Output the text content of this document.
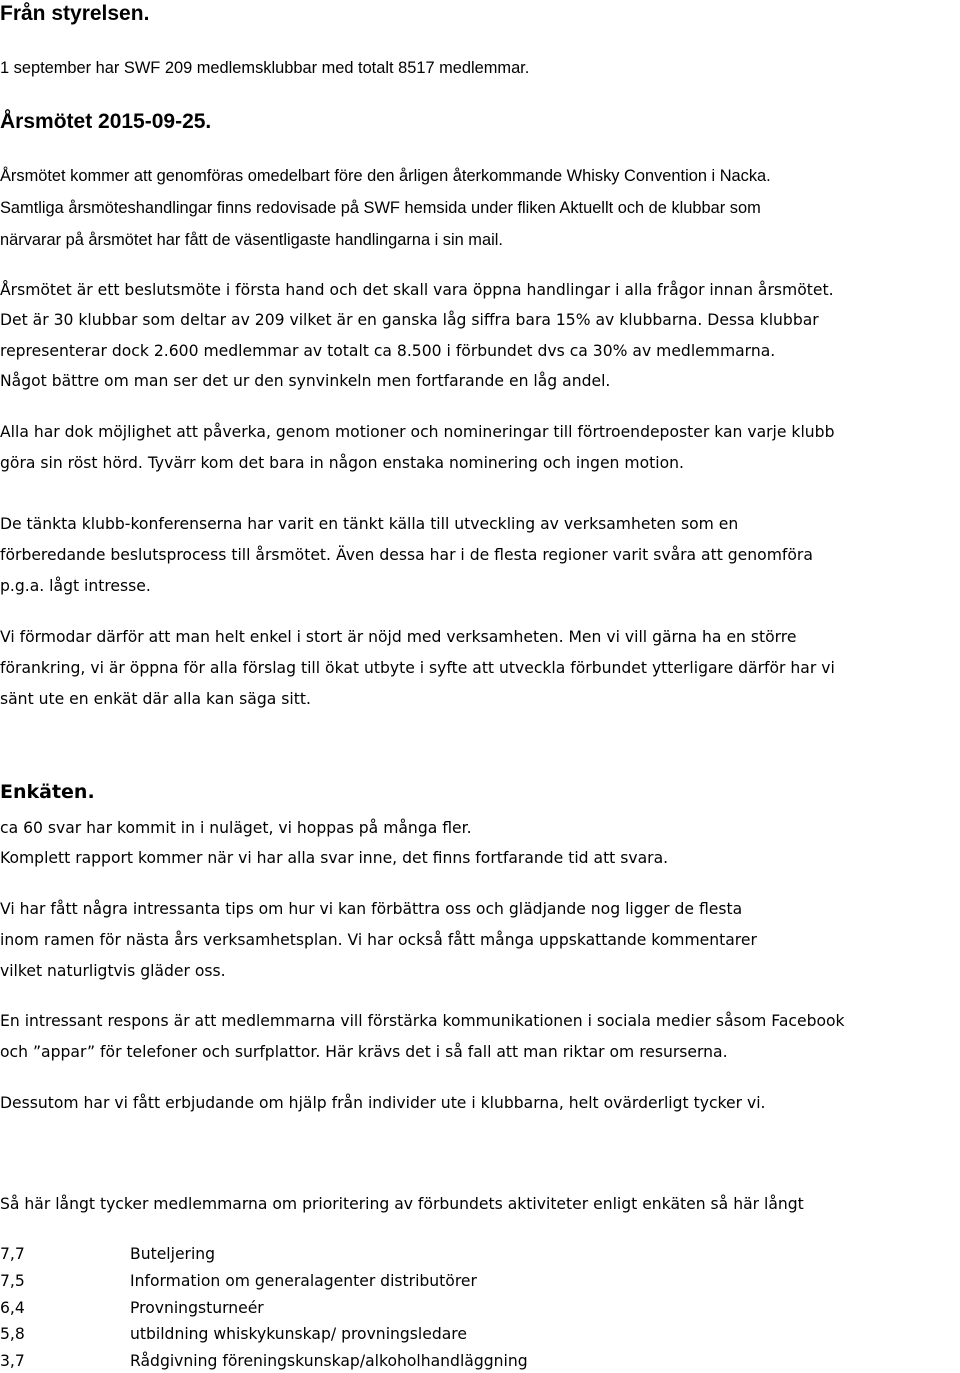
Från styrelsen.

1 september har SWF 209 medlemsklubbar med totalt 8517 medlemmar.

Årsmötet 2015-09-25.

Årsmötet kommer att genomföras omedelbart före den årligen återkommande Whisky Convention i Nacka.

Samtliga årsmöteshandlingar finns redovisade på SWF hemsida under fliken Aktuellt och de klubbar som

närvarar på årsmötet har fått de väsentligaste handlingarna i sin mail.

Årsmötet är ett beslutsmöte i första hand och det skall vara öppna handlingar i alla frågor innan årsmötet.

Det är 30 klubbar som deltar av 209 vilket är en ganska låg siffra bara 15% av klubbarna. Dessa klubbar

representerar dock 2.600 medlemmar av totalt ca 8.500 i förbundet dvs ca 30% av medlemmarna.

Något bättre om man ser det ur den synvinkeln men fortfarande en låg andel.

Alla har dok möjlighet att påverka, genom motioner och nomineringar till förtroendeposter kan varje klubb

göra sin röst hörd. Tyvärr kom det bara in någon enstaka nominering och ingen motion.

De tänkta klubb-konferenserna har varit en tänkt källa till utveckling av verksamheten som en

förberedande beslutsprocess till årsmötet. Även dessa har i de flesta regioner varit svåra att genomföra

p.g.a. lågt intresse.

Vi förmodar därför att man helt enkel i stort är nöjd med verksamheten. Men vi vill gärna ha en större

förankring, vi är öppna för alla förslag till ökat utbyte i syfte att utveckla förbundet ytterligare därför har vi

sänt ute en enkät där alla kan säga sitt.

Enkäten.

ca 60 svar har kommit in i nuläget, vi hoppas på många fler.

Komplett rapport kommer när vi har alla svar inne, det finns fortfarande tid att svara.

Vi har fått några intressanta tips om hur vi kan förbättra oss och glädjande nog ligger de flesta

inom ramen för nästa års verksamhetsplan. Vi har också fått många uppskattande kommentarer

vilket naturligtvis gläder oss.

En intressant respons är att medlemmarna vill förstärka kommunikationen i sociala medier såsom Facebook

och ”appar” för telefoner och surfplattor. Här krävs det i så fall att man riktar om resurserna.

Dessutom har vi fått erbjudande om hjälp från individer ute i klubbarna, helt ovärderligt tycker vi.

Så här långt tycker medlemmarna om prioritering av förbundets aktiviteter enligt enkäten så här långt

7,7	Buteljering
7,5	Information om generalagenter distributörer
6,4	Provningsturneér
5,8	utbildning whiskykunskap/ provningsledare
3,7	Rådgivning föreningskunskap/alkoholhandläggning
